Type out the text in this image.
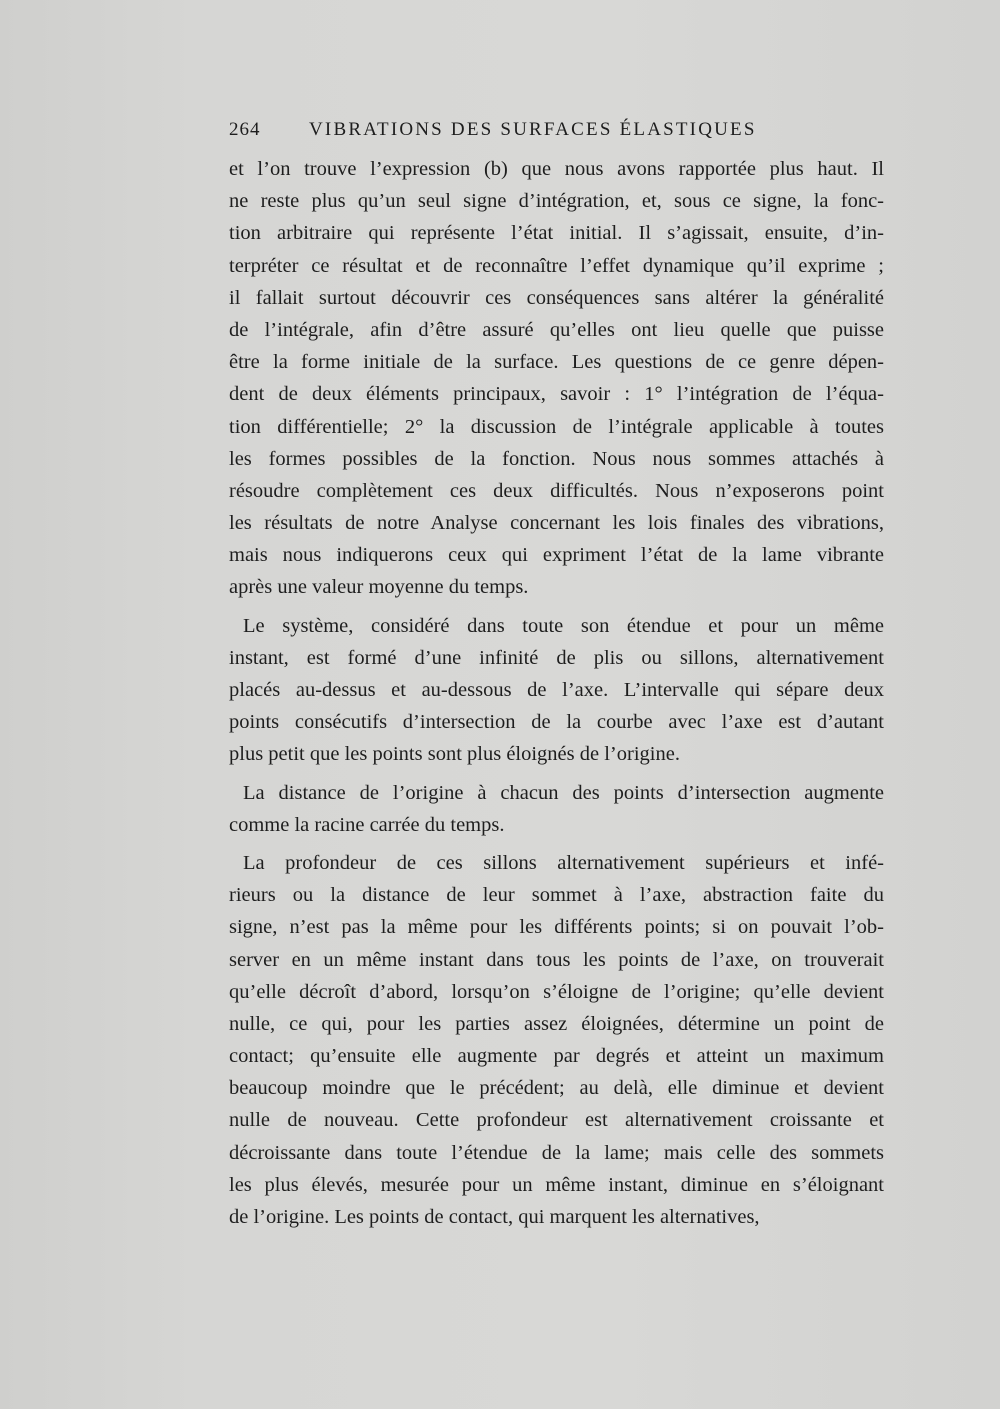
264	VIBRATIONS DES SURFACES ÉLASTIQUES
et l’on trouve l’expression (b) que nous avons rapportée plus haut. Il
ne reste plus qu’un seul signe d’intégration, et, sous ce signe, la fonc-
tion arbitraire qui représente l’état initial. Il s’agissait, ensuite, d’in-
terpréter ce résultat et de reconnaître l’effet dynamique qu’il exprime ;
il fallait surtout découvrir ces conséquences sans altérer la généralité
de l’intégrale, afin d’être assuré qu’elles ont lieu quelle que puisse
être la forme initiale de la surface. Les questions de ce genre dépen-
dent de deux éléments principaux, savoir : 1° l’intégration de l’équa-
tion différentielle; 2° la discussion de l’intégrale applicable à toutes
les formes possibles de la fonction. Nous nous sommes attachés à
résoudre complètement ces deux difficultés. Nous n’exposerons point
les résultats de notre Analyse concernant les lois finales des vibrations,
mais nous indiquerons ceux qui expriment l’état de la lame vibrante
après une valeur moyenne du temps.
Le système, considéré dans toute son étendue et pour un même
instant, est formé d’une infinité de plis ou sillons, alternativement
placés au-dessus et au-dessous de l’axe. L’intervalle qui sépare deux
points consécutifs d’intersection de la courbe avec l’axe est d’autant
plus petit que les points sont plus éloignés de l’origine.
La distance de l’origine à chacun des points d’intersection augmente
comme la racine carrée du temps.
La profondeur de ces sillons alternativement supérieurs et infé-
rieurs ou la distance de leur sommet à l’axe, abstraction faite du
signe, n’est pas la même pour les différents points; si on pouvait l’ob-
server en un même instant dans tous les points de l’axe, on trouverait
qu’elle décroît d’abord, lorsqu’on s’éloigne de l’origine; qu’elle devient
nulle, ce qui, pour les parties assez éloignées, détermine un point de
contact; qu’ensuite elle augmente par degrés et atteint un maximum
beaucoup moindre que le précédent; au delà, elle diminue et devient
nulle de nouveau. Cette profondeur est alternativement croissante et
décroissante dans toute l’étendue de la lame; mais celle des sommets
les plus élevés, mesurée pour un même instant, diminue en s’éloignant
de l’origine. Les points de contact, qui marquent les alternatives,
